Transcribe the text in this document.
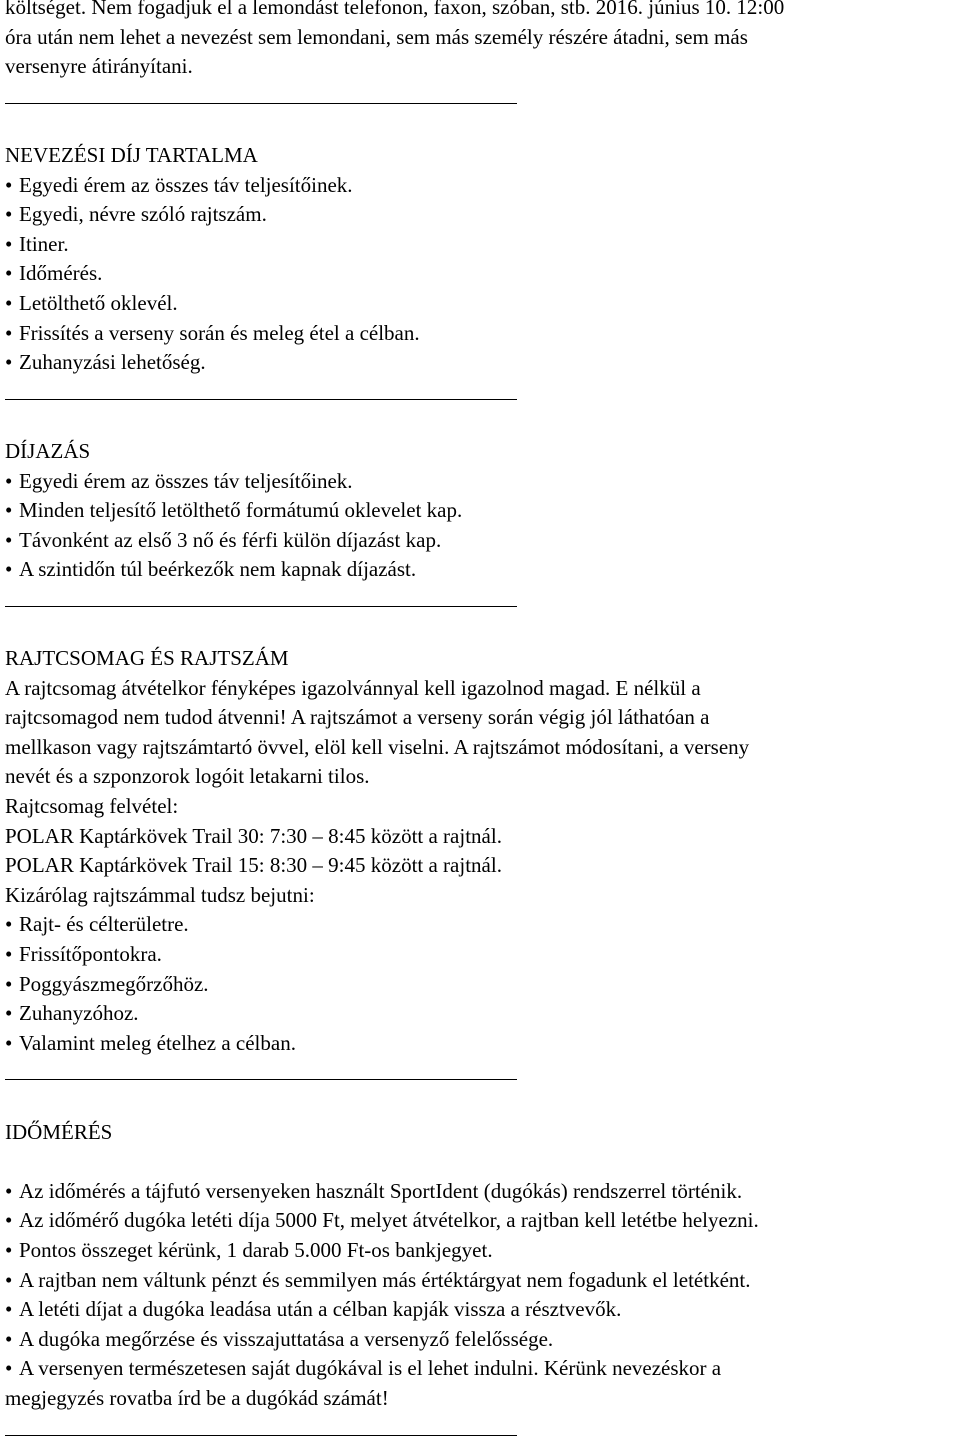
költséget. Nem fogadjuk el a lemondást telefonon, faxon, szóban, stb. 2016. június 10. 12:00
óra után nem lehet a nevezést sem lemondani, sem más személy részére átadni, sem más
versenyre átirányítani.
NEVEZÉSI DÍJ TARTALMA
• Egyedi érem az összes táv teljesítőinek.
• Egyedi, névre szóló rajtszám.
• Itiner.
• Időmérés.
• Letölthető oklevél.
• Frissítés a verseny során és meleg étel a célban.
• Zuhanyzási lehetőség.
DÍJAZÁS
• Egyedi érem az összes táv teljesítőinek.
• Minden teljesítő letölthető formátumú oklevelet kap.
• Távonként az első 3 nő és férfi külön díjazást kap.
• A szintidőn túl beérkezők nem kapnak díjazást.
RAJTCSOMAG ÉS RAJTSZÁM
A rajtcsomag átvételkor fényképes igazolvánnyal kell igazolnod magad. E nélkül a
rajtcsomagod nem tudod átvenni! A rajtszámot a verseny során végig jól láthatóan a
mellkason vagy rajtszámtartó övvel, elöl kell viselni. A rajtszámot módosítani, a verseny
nevét és a szponzorok logóit letakarni tilos.
Rajtcsomag felvétel:
POLAR Kaptárkövek Trail 30: 7:30 – 8:45 között a rajtnál.
POLAR Kaptárkövek Trail 15: 8:30 – 9:45 között a rajtnál.
Kizárólag rajtszámmal tudsz bejutni:
• Rajt- és célterületre.
• Frissítőpontokra.
• Poggyászmegőrzőhöz.
• Zuhanyzóhoz.
• Valamint meleg ételhez a célban.
IDŐMÉRÉS
• Az időmérés a tájfutó versenyeken használt SportIdent (dugókás) rendszerrel történik.
• Az időmérő dugóka letéti díja 5000 Ft, melyet átvételkor, a rajtban kell letétbe helyezni.
• Pontos összeget kérünk, 1 darab 5.000 Ft-os bankjegyet.
• A rajtban nem váltunk pénzt és semmilyen más értéktárgyat nem fogadunk el letétként.
• A letéti díjat a dugóka leadása után a célban kapják vissza a résztvevők.
• A dugóka megőrzése és visszajuttatása a versenyző felelőssége.
• A versenyen természetesen saját dugókával is el lehet indulni. Kérünk nevezéskor a
megjegyzés rovatba írd be a dugókád számát!
